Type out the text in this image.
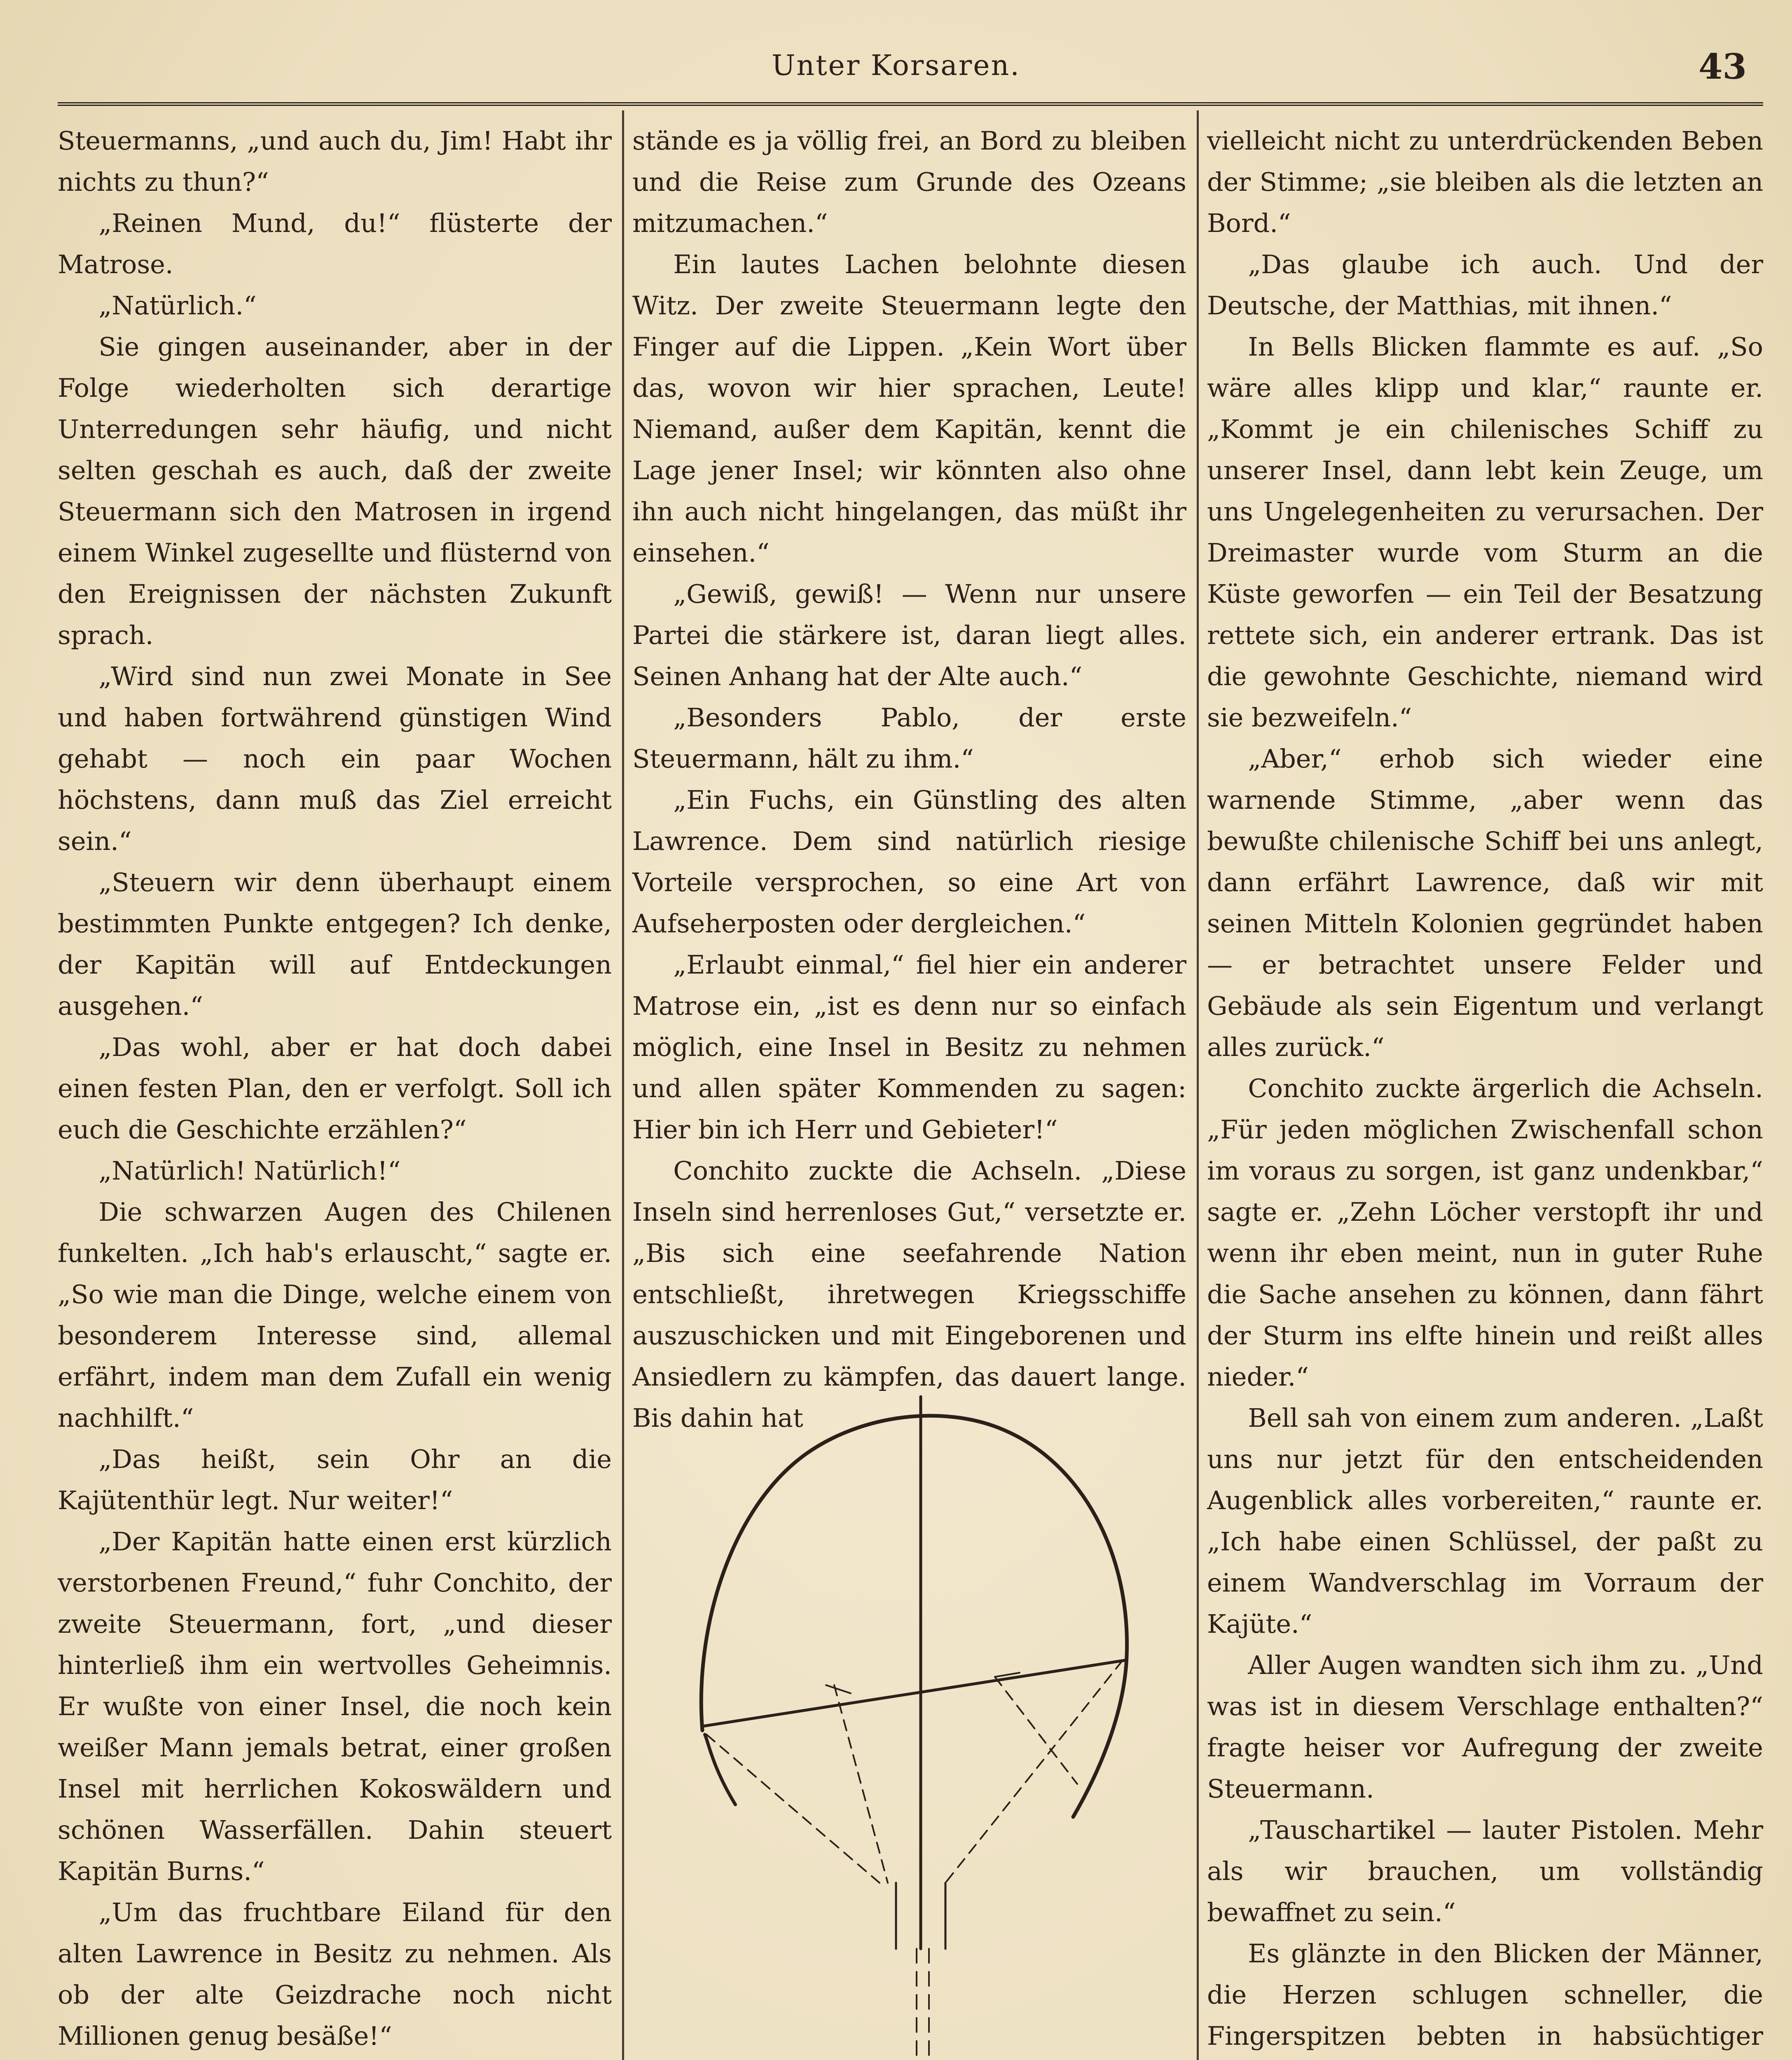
Unter Korsaren.	43

Steuermanns, „und auch du, Jim! Habt ihr nichts zu thun?“

„Reinen Mund, du!“ flüsterte der Matrose.

„Natürlich.“

Sie gingen auseinander, aber in der Folge wiederholten sich derartige Unterredungen sehr häufig, und nicht selten geschah es auch, daß der zweite Steuermann sich den Matrosen in irgend einem Winkel zugesellte und flüsternd von den Ereignissen der nächsten Zukunft sprach.

„Wird sind nun zwei Monate in See und haben fortwährend günstigen Wind gehabt — noch ein paar Wochen höchstens, dann muß das Ziel erreicht sein.“

„Steuern wir denn überhaupt einem bestimmten Punkte entgegen? Ich denke, der Kapitän will auf Entdeckungen ausgehen.“

„Das wohl, aber er hat doch dabei einen festen Plan, den er verfolgt. Soll ich euch die Geschichte erzählen?“

„Natürlich! Natürlich!“

Die schwarzen Augen des Chilenen funkelten. „Ich hab's erlauscht,“ sagte er. „So wie man die Dinge, welche einem von besonderem Interesse sind, allemal erfährt, indem man dem Zufall ein wenig nachhilft.“

„Das heißt, sein Ohr an die Kajütenthür legt. Nur weiter!“

„Der Kapitän hatte einen erst kürzlich verstorbenen Freund,“ fuhr Conchito, der zweite Steuermann, fort, „und dieser hinterließ ihm ein wertvolles Geheimnis. Er wußte von einer Insel, die noch kein weißer Mann jemals betrat, einer großen Insel mit herrlichen Kokoswäldern und schönen Wasserfällen. Dahin steuert Kapitän Burns.“

„Um das fruchtbare Eiland für den alten Lawrence in Besitz zu nehmen. Als ob der alte Geizdrache noch nicht Millionen genug besäße!“

stände es ja völlig frei, an Bord zu bleiben und die Reise zum Grunde des Ozeans mitzumachen.“

Ein lautes Lachen belohnte diesen Witz. Der zweite Steuermann legte den Finger auf die Lippen. „Kein Wort über das, wovon wir hier sprachen, Leute! Niemand, außer dem Kapitän, kennt die Lage jener Insel; wir könnten also ohne ihn auch nicht hingelangen, das müßt ihr einsehen.“

„Gewiß, gewiß! — Wenn nur unsere Partei die stärkere ist, daran liegt alles. Seinen Anhang hat der Alte auch.“

„Besonders Pablo, der erste Steuermann, hält zu ihm.“

„Ein Fuchs, ein Günstling des alten Lawrence. Dem sind natürlich riesige Vorteile versprochen, so eine Art von Aufseherposten oder dergleichen.“

„Erlaubt einmal,“ fiel hier ein anderer Matrose ein, „ist es denn nur so einfach möglich, eine Insel in Besitz zu nehmen und allen später Kommenden zu sagen: Hier bin ich Herr und Gebieter!“

Conchito zuckte die Achseln. „Diese Inseln sind herrenloses Gut,“ versetzte er. „Bis sich eine seefahrende Nation entschließt, ihretwegen Kriegsschiffe auszuschicken und mit Eingeborenen und Ansiedlern zu kämpfen, das dauert lange. Bis dahin hat

vielleicht nicht zu unterdrückenden Beben der Stimme; „sie bleiben als die letzten an Bord.“

„Das glaube ich auch. Und der Deutsche, der Matthias, mit ihnen.“

In Bells Blicken flammte es auf. „So wäre alles klipp und klar,“ raunte er. „Kommt je ein chilenisches Schiff zu unserer Insel, dann lebt kein Zeuge, um uns Ungelegenheiten zu verursachen. Der Dreimaster wurde vom Sturm an die Küste geworfen — ein Teil der Besatzung rettete sich, ein anderer ertrank. Das ist die gewohnte Geschichte, niemand wird sie bezweifeln.“

„Aber,“ erhob sich wieder eine warnende Stimme, „aber wenn das bewußte chilenische Schiff bei uns anlegt, dann erfährt Lawrence, daß wir mit seinen Mitteln Kolonien gegründet haben — er betrachtet unsere Felder und Gebäude als sein Eigentum und verlangt alles zurück.“

Conchito zuckte ärgerlich die Achseln. „Für jeden möglichen Zwischenfall schon im voraus zu sorgen, ist ganz undenkbar,“ sagte er. „Zehn Löcher verstopft ihr und wenn ihr eben meint, nun in guter Ruhe die Sache ansehen zu können, dann fährt der Sturm ins elfte hinein und reißt alles nieder.“

Bell sah von einem zum anderen. „Laßt uns nur jetzt für den entscheidenden Augenblick alles vorbereiten,“ raunte er. „Ich habe einen Schlüssel, der paßt zu einem Wandverschlag im Vorraum der Kajüte.“

Aller Augen wandten sich ihm zu. „Und was ist in diesem Verschlage enthalten?“ fragte heiser vor Aufregung der zweite Steuermann.

„Tauschartikel — lauter Pistolen. Mehr als wir brauchen, um vollständig bewaffnet zu sein.“

Es glänzte in den Blicken der Männer, die Herzen schlugen schneller, die Fingerspitzen bebten in habsüchtiger
